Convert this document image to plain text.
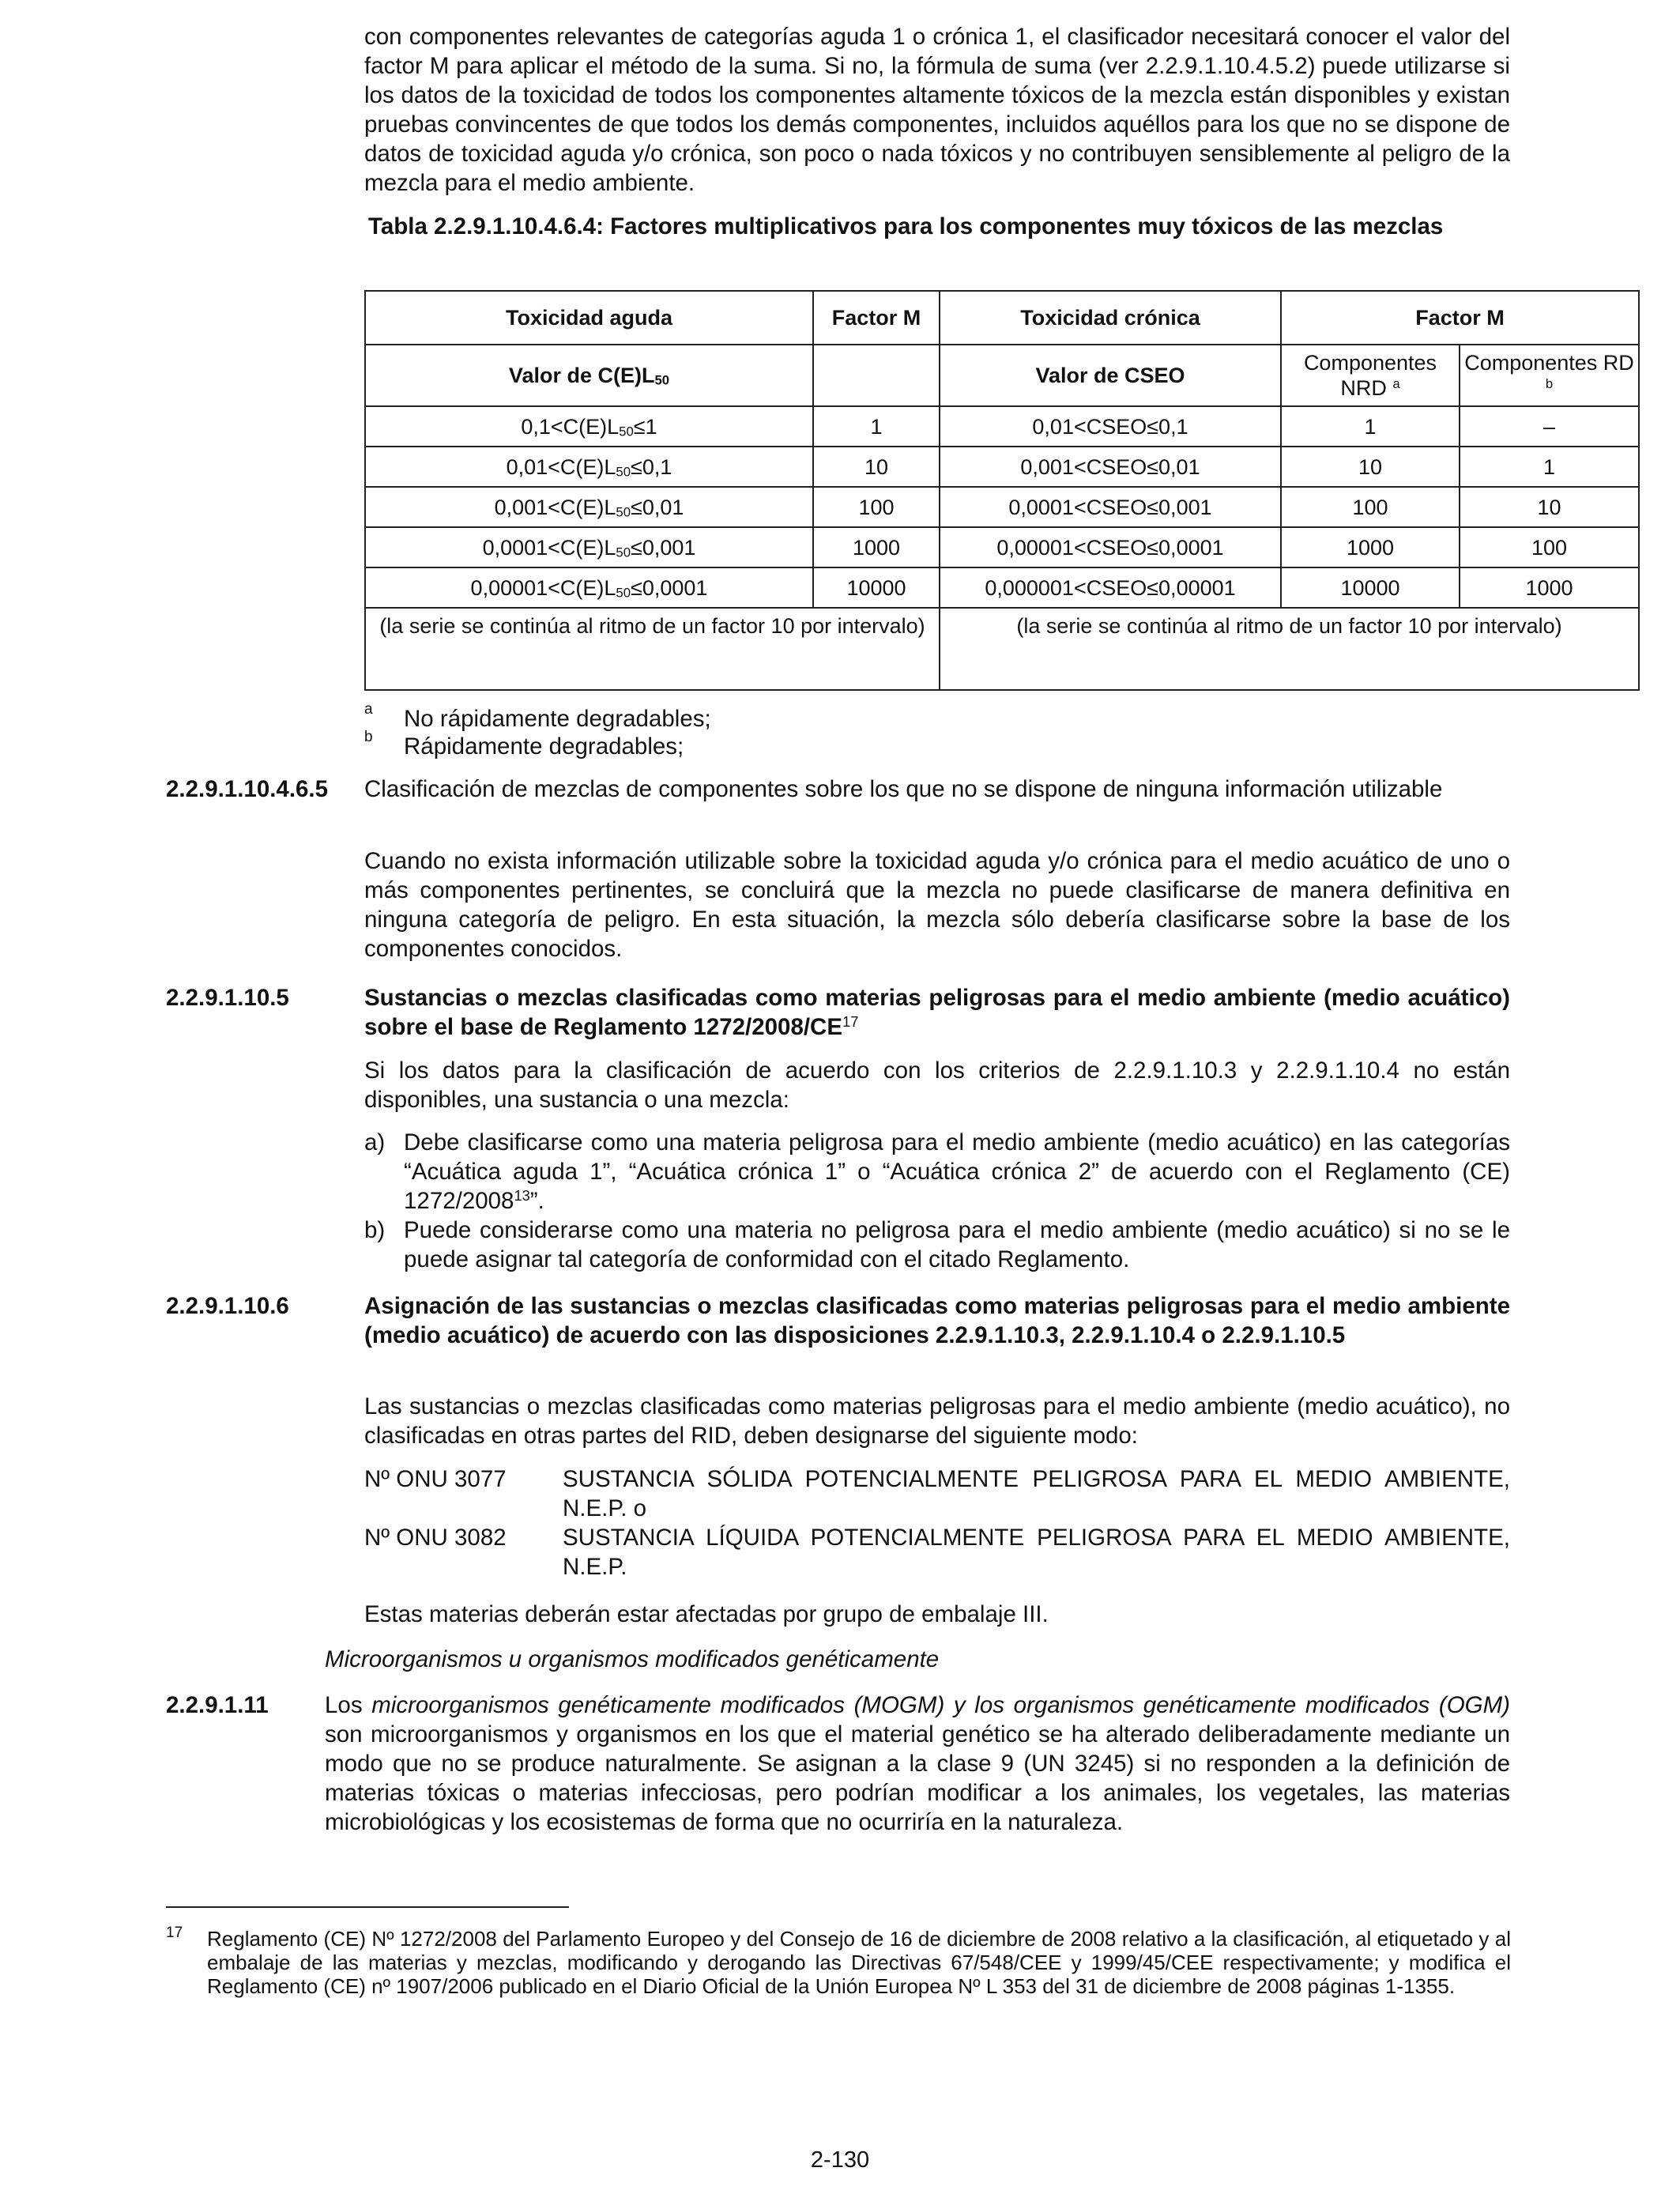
con componentes relevantes de categorías aguda 1 o crónica 1, el clasificador necesitará conocer el valor del factor M para aplicar el método de la suma. Si no, la fórmula de suma (ver 2.2.9.1.10.4.5.2) puede utilizarse si los datos de la toxicidad de todos los componentes altamente tóxicos de la mezcla están disponibles y existan pruebas convincentes de que todos los demás componentes, incluidos aquéllos para los que no se dispone de datos de toxicidad aguda y/o crónica, son poco o nada tóxicos y no contribuyen sensiblemente al peligro de la mezcla para el medio ambiente.
Tabla 2.2.9.1.10.4.6.4: Factores multiplicativos para los componentes muy tóxicos de las mezclas
Toxicidad aguda	Factor M	Toxicidad crónica	Factor M	
Valor de $C(E)L_{50}$		Valor de CSEO	Componentes NRD $^a$	Componentes RD $^b$
$0,1<C(E)L_{50}\le 1$	1	0,01<CSEO≤0,1	1	–
$0,01<C(E)L_{50}\le 0,1$	10	0,001<CSEO≤0,01	10	1
$0,001<C(E)L_{50}\le 0,01$	100	0,0001<CSEO≤0,001	100	10
$0,0001<C(E)L_{50}\le 0,001$	1000	0,00001<CSEO≤0,0001	1000	100
$0,00001<C(E)L_{50}\le 0,0001$	10000	0,000001<CSEO≤0,00001	10000	1000
(la serie se continúa al ritmo de un factor 10 por intervalo)		(la serie se continúa al ritmo de un factor 10 por intervalo)		
a No rápidamente degradables;
b Rápidamente degradables;
2.2.9.1.10.4.6.5 Clasificación de mezclas de componentes sobre los que no se dispone de ninguna información utilizable
Cuando no exista información utilizable sobre la toxicidad aguda y/o crónica para el medio acuático de uno o más componentes pertinentes, se concluirá que la mezcla no puede clasificarse de manera definitiva en ninguna categoría de peligro. En esta situación, la mezcla sólo debería clasificarse sobre la base de los componentes conocidos.
2.2.9.1.10.5	Sustancias o mezclas clasificadas como materias peligrosas para el medio ambiente (medio acuático) sobre el base de Reglamento 1272/2008/CE$^{17}$
Si los datos para la clasificación de acuerdo con los criterios de 2.2.9.1.10.3 y 2.2.9.1.10.4 no están disponibles, una sustancia o una mezcla:
a) Debe clasificarse como una materia peligrosa para el medio ambiente (medio acuático) en las categorías “Acuática aguda 1”, “Acuática crónica 1” o “Acuática crónica 2” de acuerdo con el Reglamento (CE) 1272/2008$^{13}$”.
b) Puede considerarse como una materia no peligrosa para el medio ambiente (medio acuático) si no se le puede asignar tal categoría de conformidad con el citado Reglamento.
2.2.9.1.10.6	Asignación de las sustancias o mezclas clasificadas como materias peligrosas para el medio ambiente (medio acuático) de acuerdo con las disposiciones 2.2.9.1.10.3, 2.2.9.1.10.4 o 2.2.9.1.10.5
Las sustancias o mezclas clasificadas como materias peligrosas para el medio ambiente (medio acuático), no clasificadas en otras partes del RID, deben designarse del siguiente modo:
Nº ONU 3077 SUSTANCIA SÓLIDA POTENCIALMENTE PELIGROSA PARA EL MEDIO AMBIENTE, N.E.P. o
Nº ONU 3082 SUSTANCIA LÍQUIDA POTENCIALMENTE PELIGROSA PARA EL MEDIO AMBIENTE, N.E.P.
Estas materias deberán estar afectadas por grupo de embalaje III.
Microorganismos u organismos modificados genéticamente
2.2.9.1.11 Los microorganismos genéticamente modificados (MOGM) y los organismos genéticamente modificados (OGM) son microorganismos y organismos en los que el material genético se ha alterado deliberadamente mediante un modo que no se produce naturalmente. Se asignan a la clase 9 (UN 3245) si no responden a la definición de materias tóxicas o materias infecciosas, pero podrían modificar a los animales, los vegetales, las materias microbiológicas y los ecosistemas de forma que no ocurriría en la naturaleza.
17 Reglamento (CE) Nº 1272/2008 del Parlamento Europeo y del Consejo de 16 de diciembre de 2008 relativo a la clasificación, al etiquetado y al embalaje de las materias y mezclas, modificando y derogando las Directivas 67/548/CEE y 1999/45/CEE respectivamente; y modifica el Reglamento (CE) nº 1907/2006 publicado en el Diario Oficial de la Unión Europea Nº L 353 del 31 de diciembre de 2008 páginas 1-1355.
2-130
